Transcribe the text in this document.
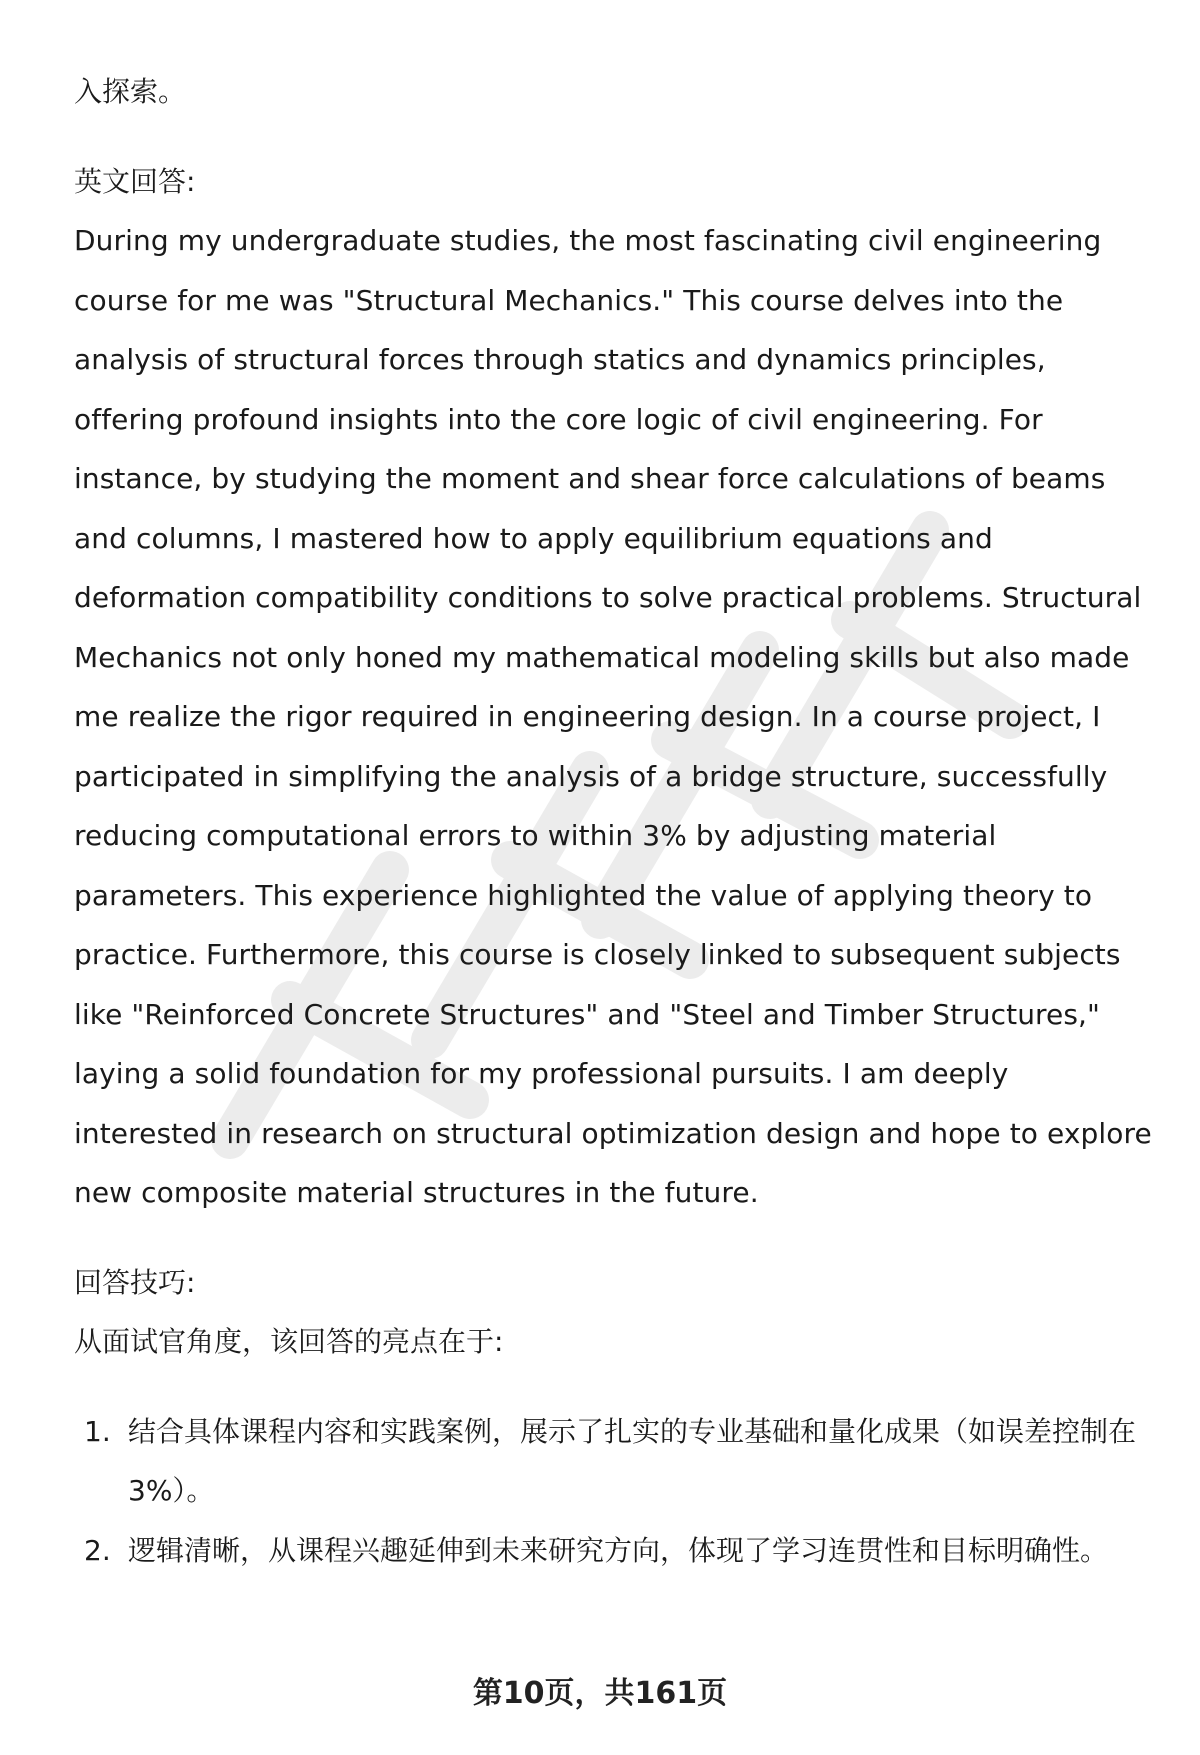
入探索。

英文回答:

During my undergraduate studies, the most fascinating civil engineering course for me was "Structural Mechanics." This course delves into the analysis of structural forces through statics and dynamics principles, offering profound insights into the core logic of civil engineering. For instance, by studying the moment and shear force calculations of beams and columns, I mastered how to apply equilibrium equations and deformation compatibility conditions to solve practical problems. Structural Mechanics not only honed my mathematical modeling skills but also made me realize the rigor required in engineering design. In a course project, I participated in simplifying the analysis of a bridge structure, successfully reducing computational errors to within 3% by adjusting material parameters. This experience highlighted the value of applying theory to practice. Furthermore, this course is closely linked to subsequent subjects like "Reinforced Concrete Structures" and "Steel and Timber Structures," laying a solid foundation for my professional pursuits. I am deeply interested in research on structural optimization design and hope to explore new composite material structures in the future.

回答技巧:

从面试官角度，该回答的亮点在于:

1. 结合具体课程内容和实践案例，展示了扎实的专业基础和量化成果（如误差控制在3%）。
2. 逻辑清晰，从课程兴趣延伸到未来研究方向，体现了学习连贯性和目标明确性。
第10页，共161页
